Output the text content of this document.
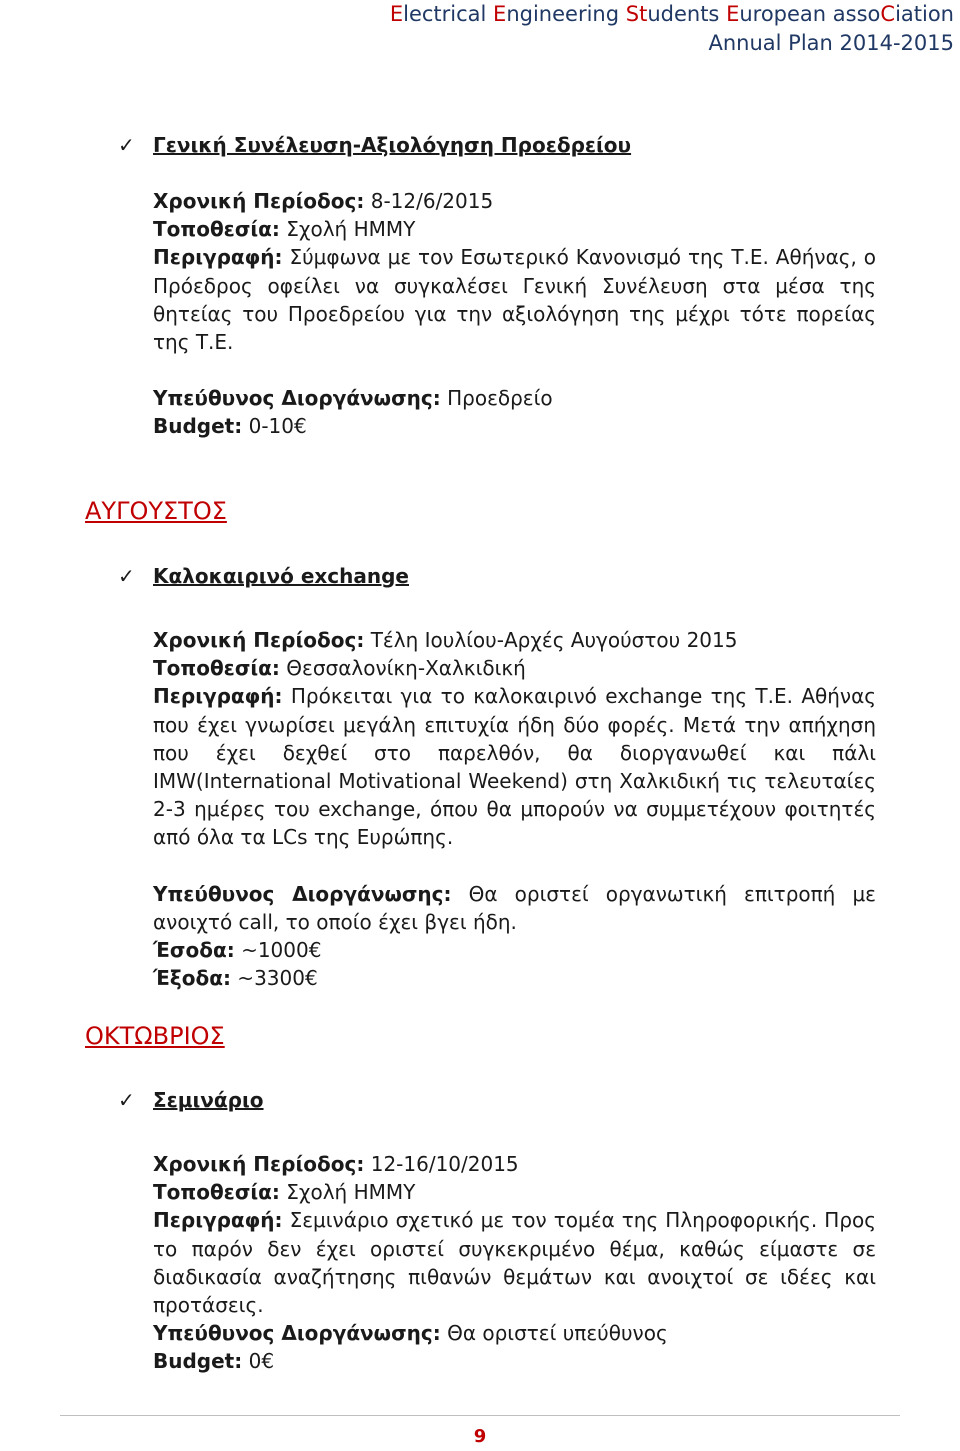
Electrical Engineering Students European assoCiation
Annual Plan 2014-2015
✓ Γενική Συνέλευση-Αξιολόγηση Προεδρείου
Χρονική Περίοδος: 8-12/6/2015
Τοποθεσία: Σχολή ΗΜΜΥ
Περιγραφή: Σύμφωνα με τον Εσωτερικό Κανονισμό της Τ.Ε. Αθήνας, ο Πρόεδρος οφείλει να συγκαλέσει Γενική Συνέλευση στα μέσα της θητείας του Προεδρείου για την αξιολόγηση της μέχρι τότε πορείας της Τ.Ε.
Υπεύθυνος Διοργάνωσης: Προεδρείο
Budget: 0-10€
ΑΥΓΟΥΣΤΟΣ
✓ Καλοκαιρινό exchange
Χρονική Περίοδος: Τέλη Ιουλίου-Αρχές Αυγούστου 2015
Τοποθεσία: Θεσσαλονίκη-Χαλκιδική
Περιγραφή: Πρόκειται για το καλοκαιρινό exchange της Τ.Ε. Αθήνας που έχει γνωρίσει μεγάλη επιτυχία ήδη δύο φορές. Μετά την απήχηση που έχει δεχθεί στο παρελθόν, θα διοργανωθεί και πάλι IMW(International Motivational Weekend) στη Χαλκιδική τις τελευταίες 2-3 ημέρες του exchange, όπου θα μπορούν να συμμετέχουν φοιτητές από όλα τα LCs της Ευρώπης.
Υπεύθυνος Διοργάνωσης: Θα οριστεί οργανωτική επιτροπή με ανοιχτό call, το οποίο έχει βγει ήδη.
Έσοδα: ~1000€
Έξοδα: ~3300€
ΟΚΤΩΒΡΙΟΣ
✓ Σεμινάριο
Χρονική Περίοδος: 12-16/10/2015
Τοποθεσία: Σχολή ΗΜΜΥ
Περιγραφή: Σεμινάριο σχετικό με τον τομέα της Πληροφορικής. Προς το παρόν δεν έχει οριστεί συγκεκριμένο θέμα, καθώς είμαστε σε διαδικασία αναζήτησης πιθανών θεμάτων και ανοιχτοί σε ιδέες και προτάσεις.
Υπεύθυνος Διοργάνωσης: Θα οριστεί υπεύθυνος
Budget: 0€
9
